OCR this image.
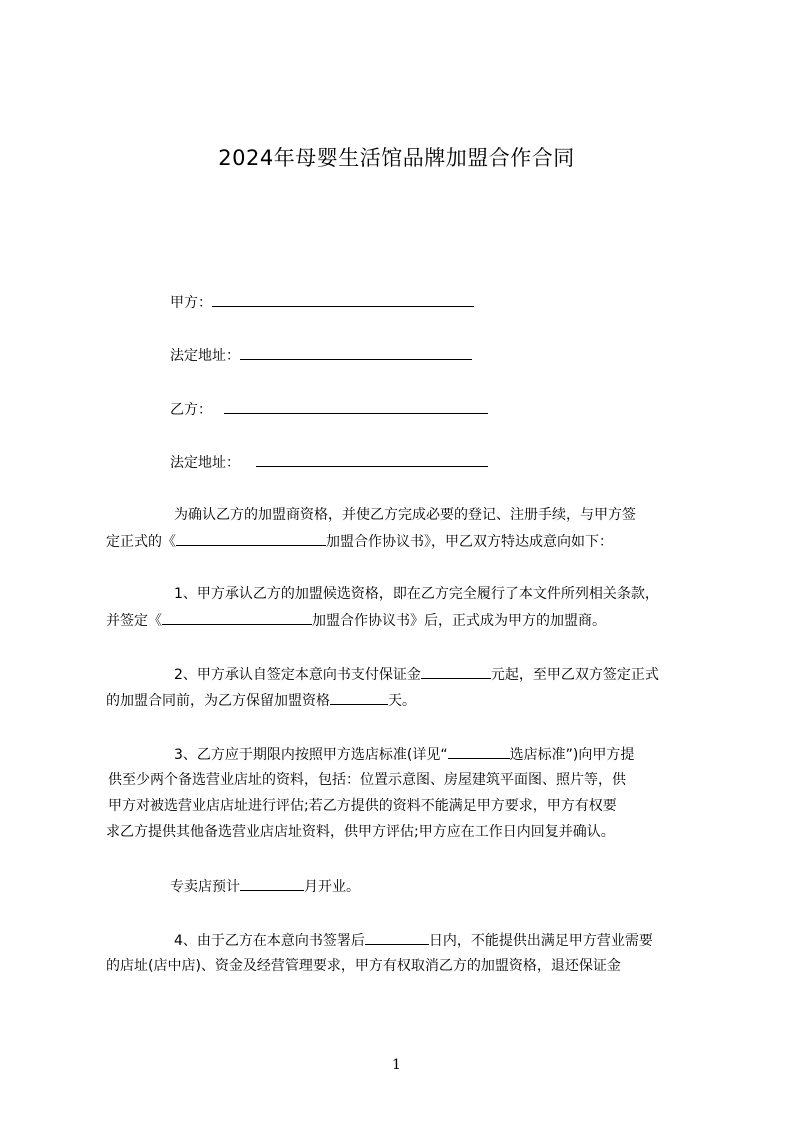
2024年母婴生活馆品牌加盟合作合同
甲方：
法定地址：
乙方：
法定地址：
为确认乙方的加盟商资格，并使乙方完成必要的登记、注册手续，与甲方签
定正式的《	加盟合作协议书》，甲乙双方特达成意向如下：
1、甲方承认乙方的加盟候选资格，即在乙方完全履行了本文件所列相关条款，
并签定《	加盟合作协议书》后，正式成为甲方的加盟商。
2、甲方承认自签定本意向书支付保证金	元起，至甲乙双方签定正式
的加盟合同前，为乙方保留加盟资格	天。
3、乙方应于期限内按照甲方选店标准(详见“	选店标准”)向甲方提
供至少两个备选营业店址的资料，包括：位置示意图、房屋建筑平面图、照片等，供
甲方对被选营业店店址进行评估;若乙方提供的资料不能满足甲方要求，甲方有权要
求乙方提供其他备选营业店店址资料，供甲方评估;甲方应在工作日内回复并确认。
专卖店预计	月开业。
4、由于乙方在本意向书签署后	日内，不能提供出满足甲方营业需要
的店址(店中店)、资金及经营管理要求，甲方有权取消乙方的加盟资格，退还保证金
1
